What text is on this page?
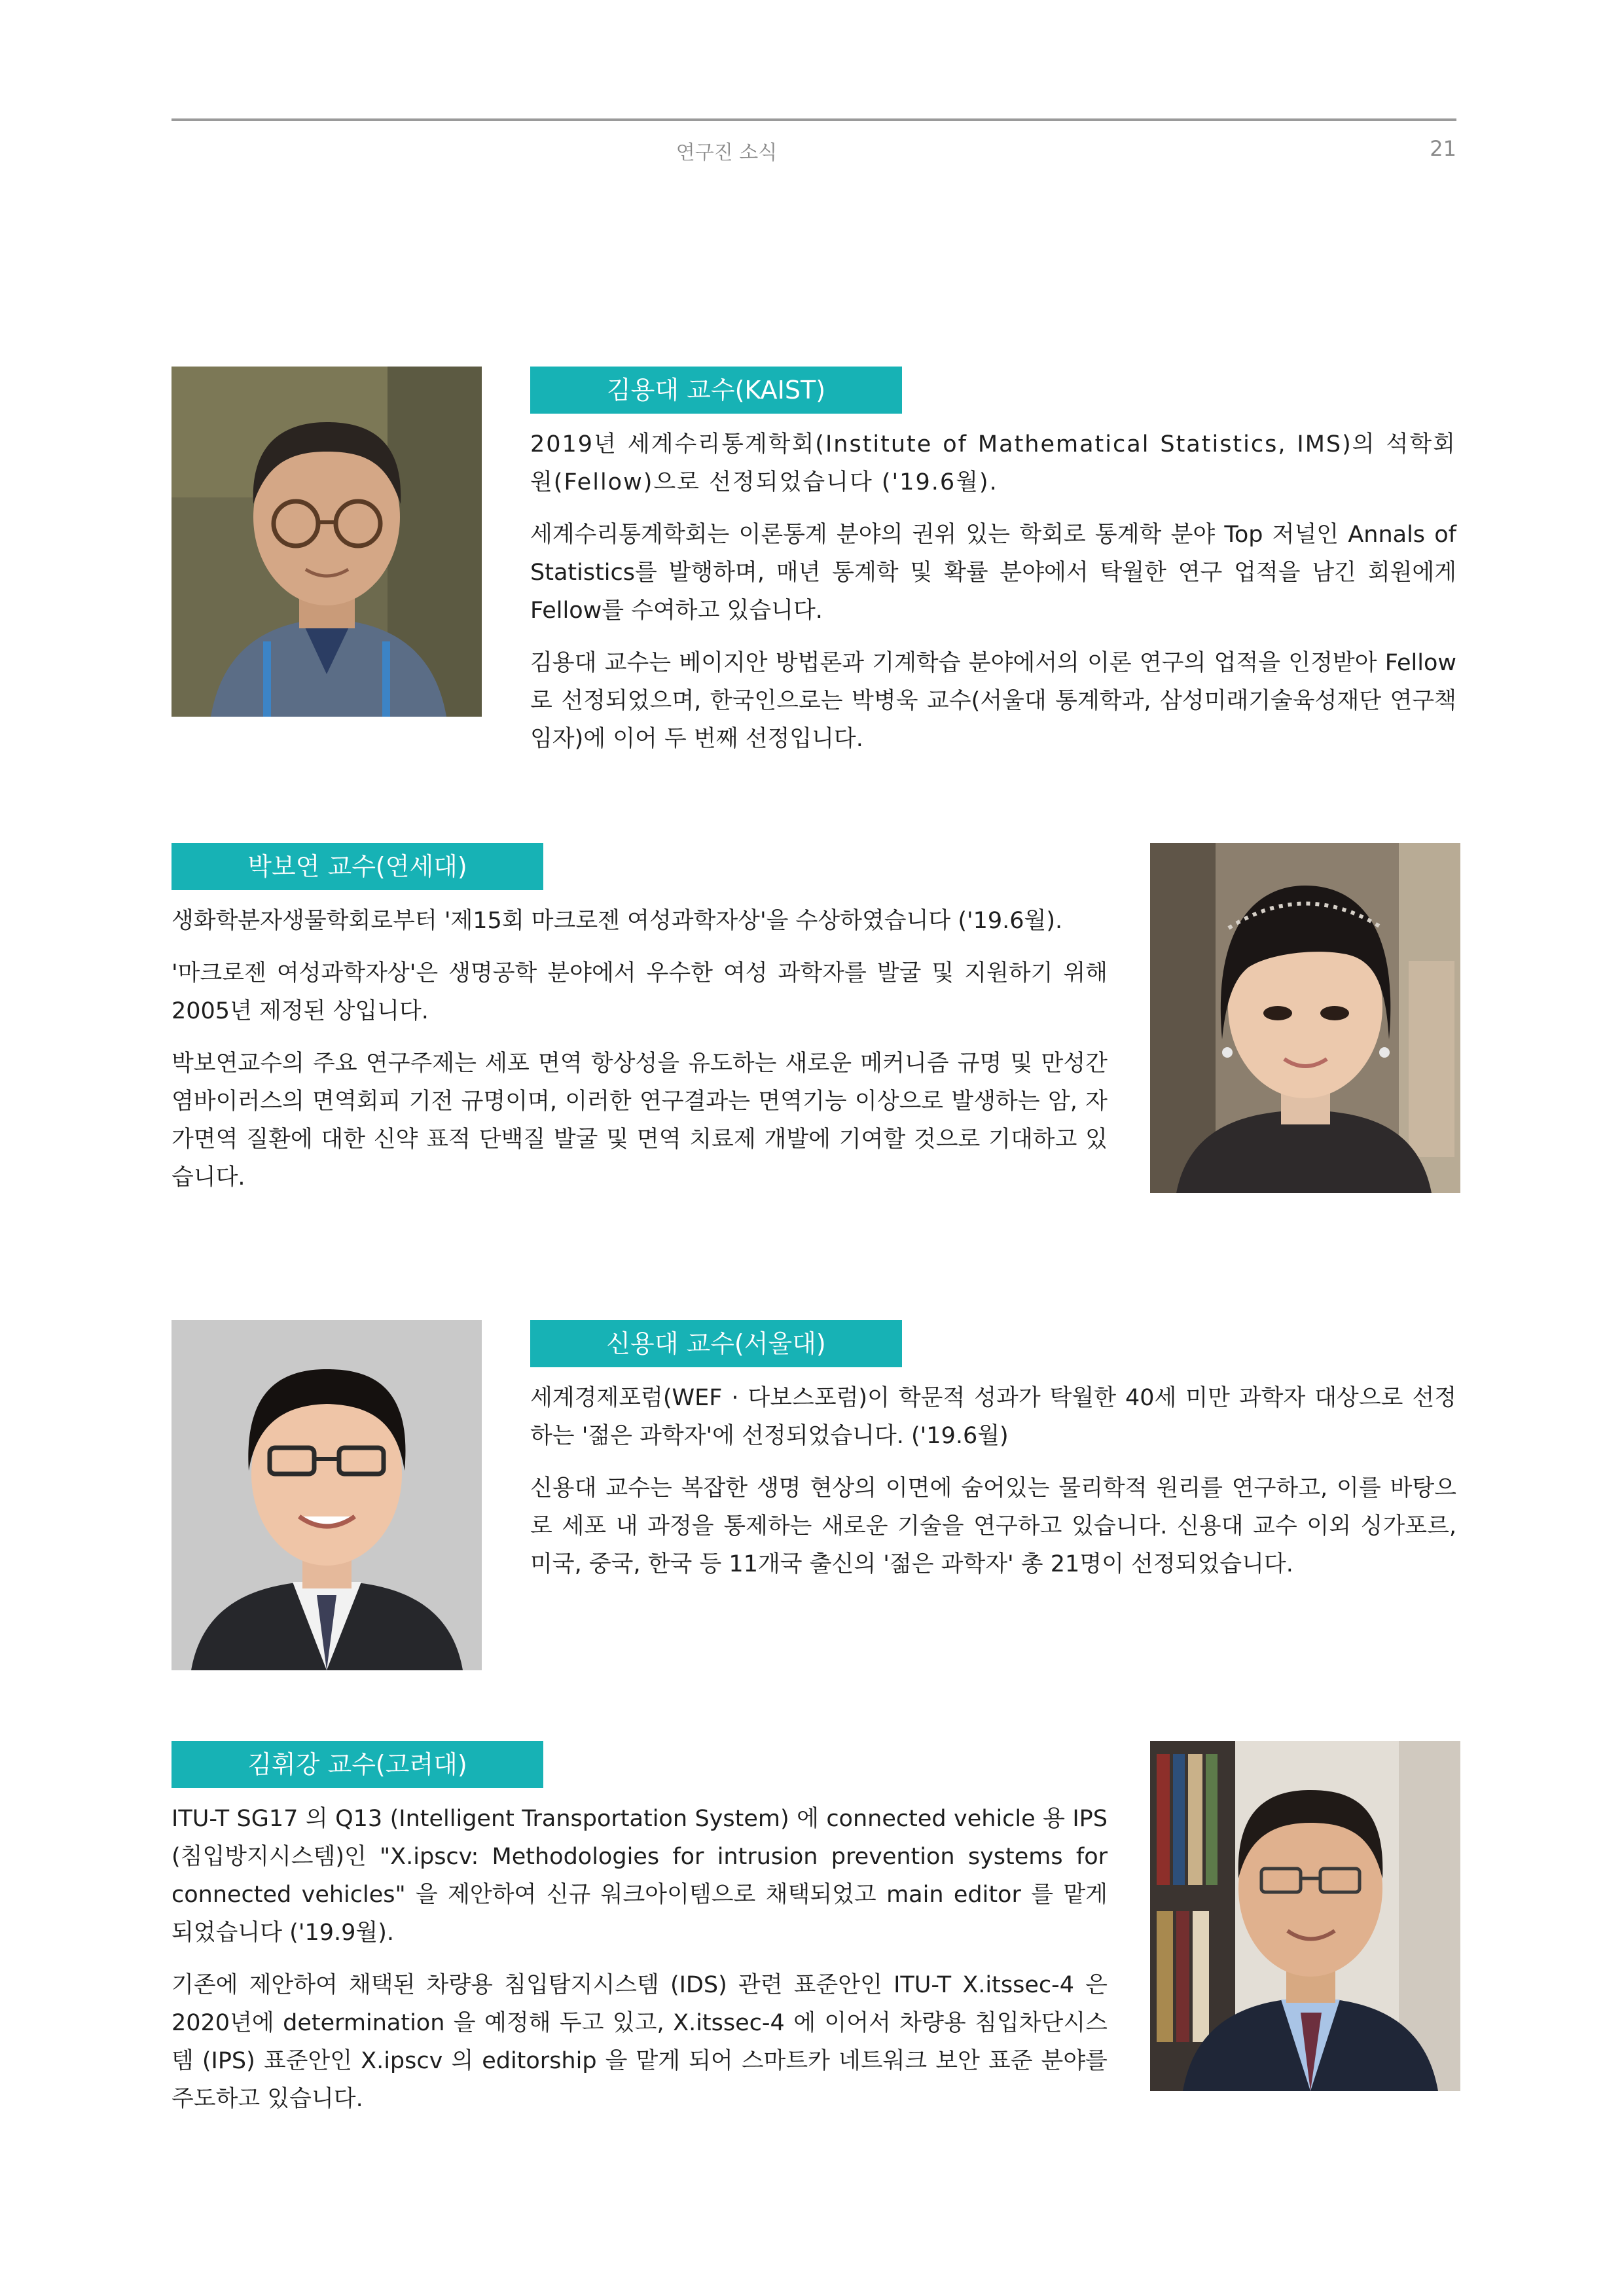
연구진 소식	21
김용대 교수(KAIST)

2019년 세계수리통계학회(Institute of Mathematical Statistics, IMS)의 석학회원(Fellow)으로 선정되었습니다 ('19.6월).

세계수리통계학회는 이론통계 분야의 권위 있는 학회로 통계학 분야 Top 저널인 Annals of Statistics를 발행하며, 매년 통계학 및 확률 분야에서 탁월한 연구 업적을 남긴 회원에게 Fellow를 수여하고 있습니다.

김용대 교수는 베이지안 방법론과 기계학습 분야에서의 이론 연구의 업적을 인정받아 Fellow로 선정되었으며, 한국인으로는 박병욱 교수(서울대 통계학과, 삼성미래기술육성재단 연구책임자)에 이어 두 번째 선정입니다.

박보연 교수(연세대)

생화학분자생물학회로부터 '제15회 마크로젠 여성과학자상'을 수상하였습니다 ('19.6월).

'마크로젠 여성과학자상'은 생명공학 분야에서 우수한 여성 과학자를 발굴 및 지원하기 위해 2005년 제정된 상입니다.

박보연교수의 주요 연구주제는 세포 면역 항상성을 유도하는 새로운 메커니즘 규명 및 만성간염바이러스의 면역회피 기전 규명이며, 이러한 연구결과는 면역기능 이상으로 발생하는 암, 자가면역 질환에 대한 신약 표적 단백질 발굴 및 면역 치료제 개발에 기여할 것으로 기대하고 있습니다.

신용대 교수(서울대)

세계경제포럼(WEF · 다보스포럼)이 학문적 성과가 탁월한 40세 미만 과학자 대상으로 선정하는 '젊은 과학자'에 선정되었습니다. ('19.6월)

신용대 교수는 복잡한 생명 현상의 이면에 숨어있는 물리학적 원리를 연구하고, 이를 바탕으로 세포 내 과정을 통제하는 새로운 기술을 연구하고 있습니다. 신용대 교수 이외 싱가포르, 미국, 중국, 한국 등 11개국 출신의 '젊은 과학자' 총 21명이 선정되었습니다.

김휘강 교수(고려대)

ITU-T SG17 의 Q13 (Intelligent Transportation System) 에 connected vehicle 용 IPS (침입방지시스템)인 "X.ipscv: Methodologies for intrusion prevention systems for connected vehicles" 을 제안하여 신규 워크아이템으로 채택되었고 main editor 를 맡게 되었습니다 ('19.9월).

기존에 제안하여 채택된 차량용 침입탐지시스템 (IDS) 관련 표준안인 ITU-T X.itssec-4 은 2020년에 determination 을 예정해 두고 있고, X.itssec-4 에 이어서 차량용 침입차단시스템 (IPS) 표준안인 X.ipscv 의 editorship 을 맡게 되어 스마트카 네트워크 보안 표준 분야를 주도하고 있습니다.
